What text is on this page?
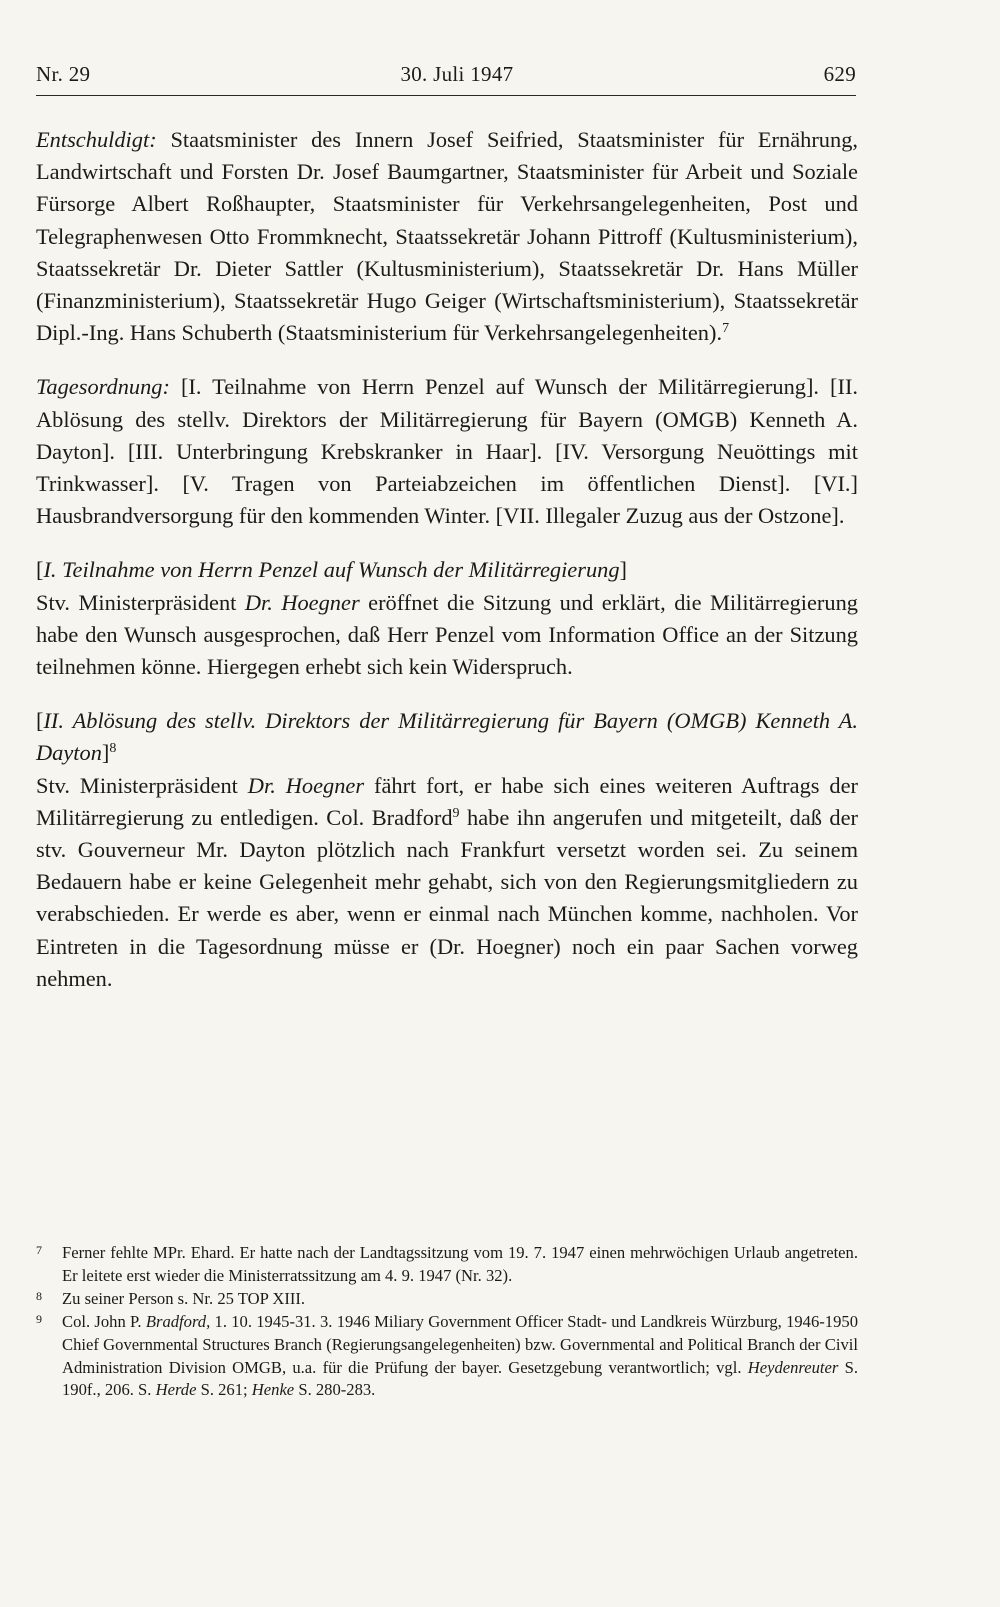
Nr. 29	30. Juli 1947	629

Entschuldigt: Staatsminister des Innern Josef Seifried, Staatsminister für Ernährung, Landwirtschaft und Forsten Dr. Josef Baumgartner, Staatsminister für Arbeit und Soziale Fürsorge Albert Roßhaupter, Staatsminister für Verkehrsangelegenheiten, Post und Telegraphenwesen Otto Frommknecht, Staatssekretär Johann Pittroff (Kultusministerium), Staatssekretär Dr. Dieter Sattler (Kultusministerium), Staatssekretär Dr. Hans Müller (Finanzministerium), Staatssekretär Hugo Geiger (Wirtschaftsministerium), Staatssekretär Dipl.-Ing. Hans Schuberth (Staatsministerium für Verkehrsangelegenheiten).$^7$

Tagesordnung: [I. Teilnahme von Herrn Penzel auf Wunsch der Militärregierung]. [II. Ablösung des stellv. Direktors der Militärregierung für Bayern (OMGB) Kenneth A. Dayton]. [III. Unterbringung Krebskranker in Haar]. [IV. Versorgung Neuöttings mit Trinkwasser]. [V. Tragen von Parteiabzeichen im öffentlichen Dienst]. [VI.] Hausbrandversorgung für den kommenden Winter. [VII. Illegaler Zuzug aus der Ostzone].

[I. Teilnahme von Herrn Penzel auf Wunsch der Militärregierung]

Stv. Ministerpräsident Dr. Hoegner eröffnet die Sitzung und erklärt, die Militärregierung habe den Wunsch ausgesprochen, daß Herr Penzel vom Information Office an der Sitzung teilnehmen könne. Hiergegen erhebt sich kein Widerspruch.

[II. Ablösung des stellv. Direktors der Militärregierung für Bayern (OMGB) Kenneth A. Dayton]$^8$

Stv. Ministerpräsident Dr. Hoegner fährt fort, er habe sich eines weiteren Auftrags der Militärregierung zu entledigen. Col. Bradford$^9$ habe ihn angerufen und mitgeteilt, daß der stv. Gouverneur Mr. Dayton plötzlich nach Frankfurt versetzt worden sei. Zu seinem Bedauern habe er keine Gelegenheit mehr gehabt, sich von den Regierungsmitgliedern zu verabschieden. Er werde es aber, wenn er einmal nach München komme, nachholen. Vor Eintreten in die Tagesordnung müsse er (Dr. Hoegner) noch ein paar Sachen vorweg nehmen.

7	Ferner fehlte MPr. Ehard. Er hatte nach der Landtagssitzung vom 19. 7. 1947 einen mehrwöchigen Urlaub angetreten. Er leitete erst wieder die Ministerratssitzung am 4. 9. 1947 (Nr. 32).
8	Zu seiner Person s. Nr. 25 TOP XIII.
9	Col. John P. Bradford, 1. 10. 1945-31. 3. 1946 Miliary Government Officer Stadt- und Landkreis Würzburg, 1946-1950 Chief Governmental Structures Branch (Regierungsangelegenheiten) bzw. Governmental and Political Branch der Civil Administration Division OMGB, u.a. für die Prüfung der bayer. Gesetzgebung verantwortlich; vgl. Heydenreuter S. 190f., 206. S. Herde S. 261; Henke S. 280-283.
